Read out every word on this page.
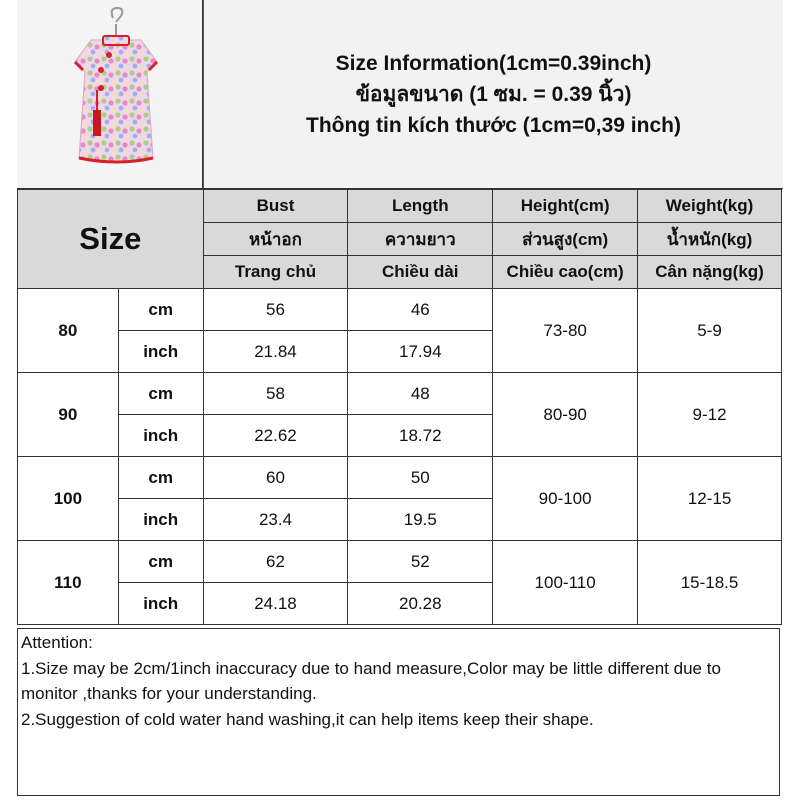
Size Information(1cm=0.39inch)
ข้อมูลขนาด (1 ซม. = 0.39 นิ้ว)
Thông tin kích thước (1cm=0,39 inch)
Size		Bust	Length	Height(cm)	Weight(kg)
		หน้าอก	ความยาว	ส่วนสูง(cm)	น้ำหนัก(kg)
		Trang chủ	Chiều dài	Chiều cao(cm)	Cân nặng(kg)
80	cm	56	46	73-80	5-9
	inch	21.84	17.94		
90	cm	58	48	80-90	9-12
	inch	22.62	18.72		
100	cm	60	50	90-100	12-15
	inch	23.4	19.5		
110	cm	62	52	100-110	15-18.5
	inch	24.18	20.28		

Attention:

1.Size may be 2cm/1inch inaccuracy due to hand measure,Color may be little different due to monitor ,thanks for your understanding.

2.Suggestion of cold water hand washing,it can help items keep their shape.
